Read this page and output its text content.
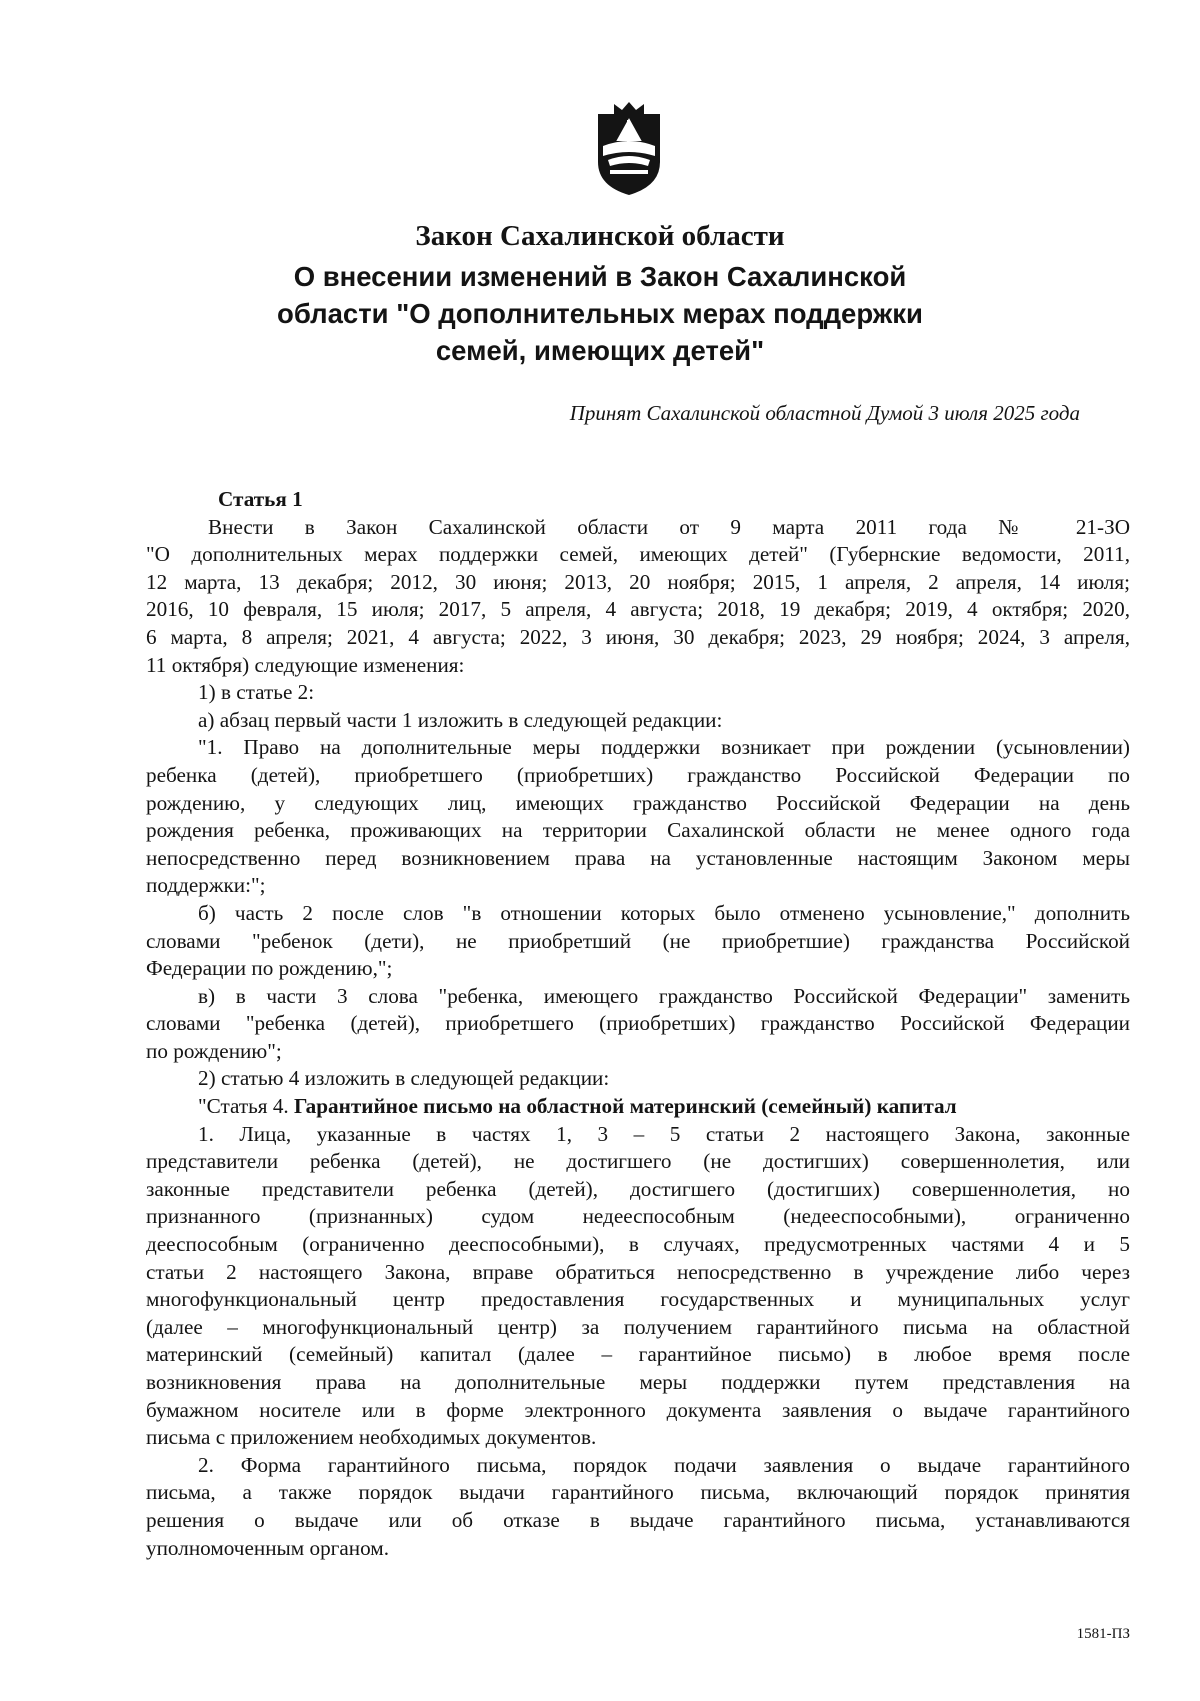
Закон Сахалинской области
О внесении изменений в Закон Сахалинской
области "О дополнительных мерах поддержки
семей, имеющих детей"
Принят Сахалинской областной Думой 3 июля 2025 года
Статья 1
Внести в Закон Сахалинской области от 9 марта 2011 года № 21-ЗО
"О дополнительных мерах поддержки семей, имеющих детей" (Губернские ведомости, 2011,
12 марта, 13 декабря; 2012, 30 июня; 2013, 20 ноября; 2015, 1 апреля, 2 апреля, 14 июля;
2016, 10 февраля, 15 июля; 2017, 5 апреля, 4 августа; 2018, 19 декабря; 2019, 4 октября; 2020,
6 марта, 8 апреля; 2021, 4 августа; 2022, 3 июня, 30 декабря; 2023, 29 ноября; 2024, 3 апреля,
11 октября) следующие изменения:
1) в статье 2:
а) абзац первый части 1 изложить в следующей редакции:
"1. Право на дополнительные меры поддержки возникает при рождении (усыновлении)
ребенка (детей), приобретшего (приобретших) гражданство Российской Федерации по
рождению, у следующих лиц, имеющих гражданство Российской Федерации на день
рождения ребенка, проживающих на территории Сахалинской области не менее одного года
непосредственно перед возникновением права на установленные настоящим Законом меры
поддержки:";
б) часть 2 после слов "в отношении которых было отменено усыновление," дополнить
словами "ребенок (дети), не приобретший (не приобретшие) гражданства Российской
Федерации по рождению,";
в) в части 3 слова "ребенка, имеющего гражданство Российской Федерации" заменить
словами "ребенка (детей), приобретшего (приобретших) гражданство Российской Федерации
по рождению";
2) статью 4 изложить в следующей редакции:
"Статья 4. Гарантийное письмо на областной материнский (семейный) капитал
1. Лица, указанные в частях 1, 3 – 5 статьи 2 настоящего Закона, законные
представители ребенка (детей), не достигшего (не достигших) совершеннолетия, или
законные представители ребенка (детей), достигшего (достигших) совершеннолетия, но
признанного (признанных) судом недееспособным (недееспособными), ограниченно
дееспособным (ограниченно дееспособными), в случаях, предусмотренных частями 4 и 5
статьи 2 настоящего Закона, вправе обратиться непосредственно в учреждение либо через
многофункциональный центр предоставления государственных и муниципальных услуг
(далее – многофункциональный центр) за получением гарантийного письма на областной
материнский (семейный) капитал (далее – гарантийное письмо) в любое время после
возникновения права на дополнительные меры поддержки путем представления на
бумажном носителе или в форме электронного документа заявления о выдаче гарантийного
письма с приложением необходимых документов.
2. Форма гарантийного письма, порядок подачи заявления о выдаче гарантийного
письма, а также порядок выдачи гарантийного письма, включающий порядок принятия
решения о выдаче или об отказе в выдаче гарантийного письма, устанавливаются
уполномоченным органом.
1581-ПЗ
